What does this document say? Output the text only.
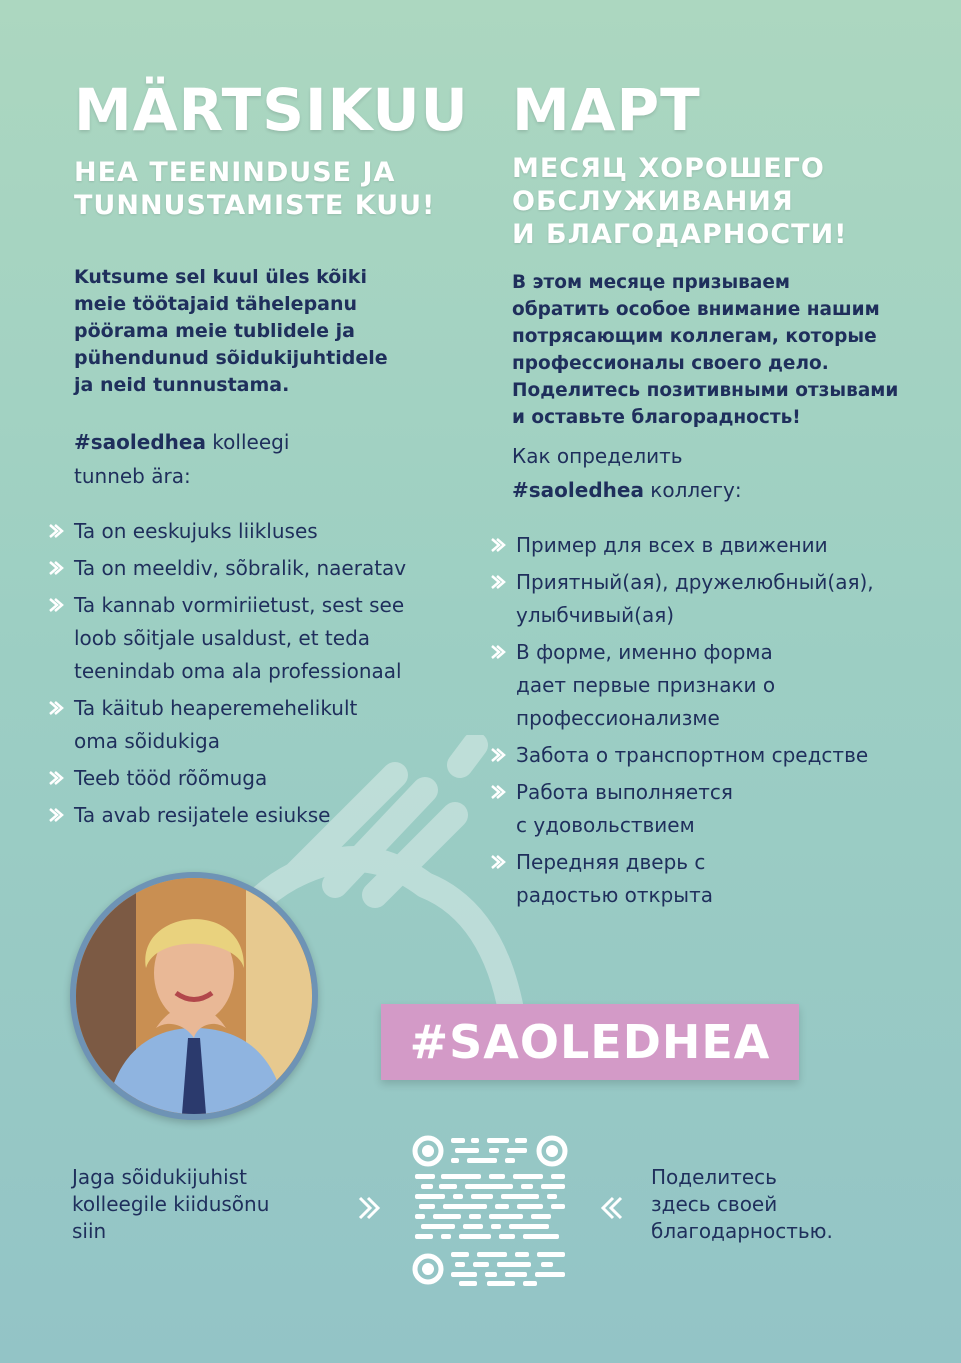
MÄRTSIKUU
HEA TEENINDUSE JA
TUNNUSTAMISTE KUU!
Kutsume sel kuul üles kõiki
meie töötajaid tähelepanu
pöörama meie tublidele ja
pühendunud sõidukijuhtidele
ja neid tunnustama.
#saoledhea kolleegi
tunneb ära:
Ta on eeskujuks liikluses
Ta on meeldiv, sõbralik, naeratav
Ta kannab vormiriietust, sest see
loob sõitjale usaldust, et teda
teenindab oma ala professionaal
Ta käitub heaperemehelikult
oma sõidukiga
Teeb tööd rõõmuga
Ta avab resijatele esiukse
МАРТ
МЕСЯЦ ХОРОШЕГО
ОБСЛУЖИВАНИЯ
И БЛАГОДАРНОСТИ!
В этом месяце призываем
обратить особое внимание нашим
потрясающим коллегам, которые
профессионалы своего дело.
Поделитесь позитивными отзывами
и оставьте благорадность!
Как определить
#saoledhea коллегу:
Пример для всех в движении
Приятный(ая), дружелюбный(ая),
улыбчивый(ая)
В форме, именно форма
дает первые признаки о
профессионализме
Забота о транспортном средстве
Работа выполняется
с удовольствием
Передняя дверь с
радостью открыта
#SAOLEDHEA
Jaga sõidukijuhist
kolleegile kiidusõnu
siin
Поделитесь
здесь своей
благодарностью.
